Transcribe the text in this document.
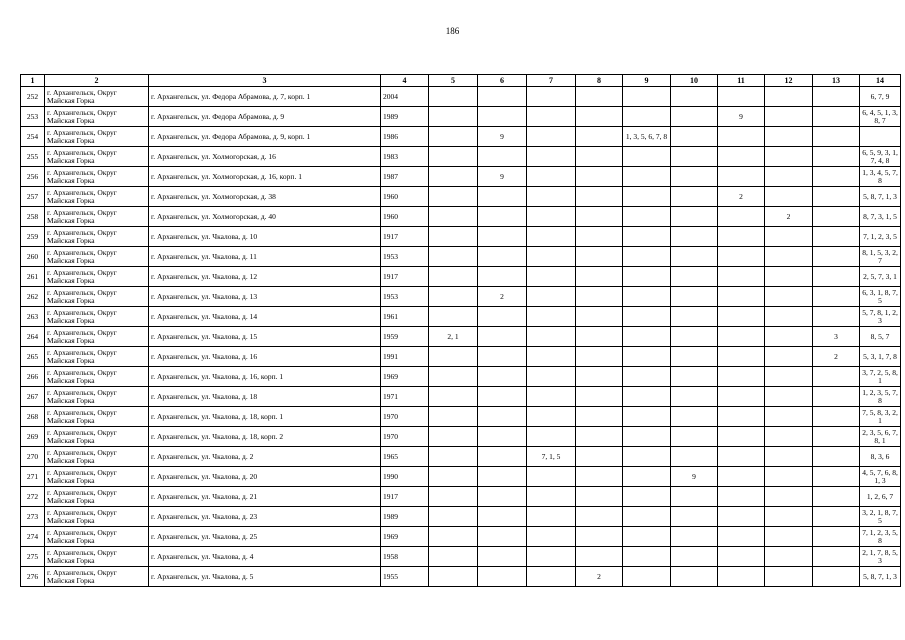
186
1	2	3	4	5	6	7	8	9	10	11	12	13	14
252	г. Архангельск, Округ Майская Горка	г. Архангельск, ул. Федора Абрамова, д. 7, корп. 1	2004										6, 7, 9
253	г. Архангельск, Округ Майская Горка	г. Архангельск, ул. Федора Абрамова, д. 9	1989							9			6, 4, 5, 1, 3, 8, 7
254	г. Архангельск, Округ Майская Горка	г. Архангельск, ул. Федора Абрамова, д. 9, корп. 1	1986		9			1, 3, 5, 6, 7, 8					
255	г. Архангельск, Округ Майская Горка	г. Архангельск, ул. Холмогорская, д. 16	1983										6, 5, 9, 3, 1, 7, 4, 8
256	г. Архангельск, Округ Майская Горка	г. Архангельск, ул. Холмогорская, д. 16, корп. 1	1987		9								1, 3, 4, 5, 7, 8
257	г. Архангельск, Округ Майская Горка	г. Архангельск, ул. Холмогорская, д. 38	1960							2			5, 8, 7, 1, 3
258	г. Архангельск, Округ Майская Горка	г. Архангельск, ул. Холмогорская, д. 40	1960								2		8, 7, 3, 1, 5
259	г. Архангельск, Округ Майская Горка	г. Архангельск, ул. Чкалова, д. 10	1917										7, 1, 2, 3, 5
260	г. Архангельск, Округ Майская Горка	г. Архангельск, ул. Чкалова, д. 11	1953										8, 1, 5, 3, 2, 7
261	г. Архангельск, Округ Майская Горка	г. Архангельск, ул. Чкалова, д. 12	1917										2, 5, 7, 3, 1
262	г. Архангельск, Округ Майская Горка	г. Архангельск, ул. Чкалова, д. 13	1953		2								6, 3, 1, 8, 7, 5
263	г. Архангельск, Округ Майская Горка	г. Архангельск, ул. Чкалова, д. 14	1961										5, 7, 8, 1, 2, 3
264	г. Архангельск, Округ Майская Горка	г. Архангельск, ул. Чкалова, д. 15	1959	2, 1								3	8, 5, 7
265	г. Архангельск, Округ Майская Горка	г. Архангельск, ул. Чкалова, д. 16	1991									2	5, 3, 1, 7, 8
266	г. Архангельск, Округ Майская Горка	г. Архангельск, ул. Чкалова, д. 16, корп. 1	1969										3, 7, 2, 5, 8, 1
267	г. Архангельск, Округ Майская Горка	г. Архангельск, ул. Чкалова, д. 18	1971										1, 2, 3, 5, 7, 8
268	г. Архангельск, Округ Майская Горка	г. Архангельск, ул. Чкалова, д. 18, корп. 1	1970										7, 5, 8, 3, 2, 1
269	г. Архангельск, Округ Майская Горка	г. Архангельск, ул. Чкалова, д. 18, корп. 2	1970										2, 3, 5, 6, 7, 8, 1
270	г. Архангельск, Округ Майская Горка	г. Архангельск, ул. Чкалова, д. 2	1965			7, 1, 5							8, 3, 6
271	г. Архангельск, Округ Майская Горка	г. Архангельск, ул. Чкалова, д. 20	1990						9				4, 5, 7, 6, 8, 1, 3
272	г. Архангельск, Округ Майская Горка	г. Архангельск, ул. Чкалова, д. 21	1917										1, 2, 6, 7
273	г. Архангельск, Округ Майская Горка	г. Архангельск, ул. Чкалова, д. 23	1989										3, 2, 1, 8, 7, 5
274	г. Архангельск, Округ Майская Горка	г. Архангельск, ул. Чкалова, д. 25	1969										7, 1, 2, 3, 5, 8
275	г. Архангельск, Округ Майская Горка	г. Архангельск, ул. Чкалова, д. 4	1958										2, 1, 7, 8, 5, 3
276	г. Архангельск, Округ Майская Горка	г. Архангельск, ул. Чкалова, д. 5	1955				2						5, 8, 7, 1, 3
